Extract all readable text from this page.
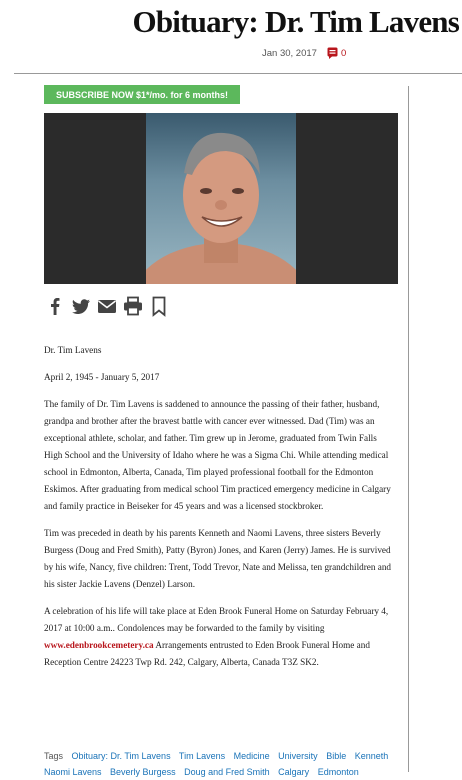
Obituary: Dr. Tim Lavens
Jan 30, 2017	0
SUBSCRIBE NOW $1*/mo. for 6 months!

Dr. Tim Lavens

April 2, 1945 - January 5, 2017

The family of Dr. Tim Lavens is saddened to announce the passing of their father, husband, grandpa and brother after the bravest battle with cancer ever witnessed. Dad (Tim) was an exceptional athlete, scholar, and father. Tim grew up in Jerome, graduated from Twin Falls High School and the University of Idaho where he was a Sigma Chi. While attending medical school in Edmonton, Alberta, Canada, Tim played professional football for the Edmonton Eskimos. After graduating from medical school Tim practiced emergency medicine in Calgary and family practice in Beiseker for 45 years and was a licensed stockbroker.

Tim was preceded in death by his parents Kenneth and Naomi Lavens, three sisters Beverly Burgess (Doug and Fred Smith), Patty (Byron) Jones, and Karen (Jerry) James. He is survived by his wife, Nancy, five children: Trent, Todd Trevor, Nate and Melissa, ten grandchildren and his sister Jackie Lavens (Denzel) Larson.

A celebration of his life will take place at Eden Brook Funeral Home on Saturday February 4, 2017 at 10:00 a.m.. Condolences may be forwarded to the family by visiting www.edenbrookcemetery.ca Arrangements entrusted to Eden Brook Funeral Home and Reception Centre 24223 Twp Rd. 242, Calgary, Alberta, Canada T3Z SK2.

Tags Obituary: Dr. Tim Lavens Tim Lavens Medicine University Bible Kenneth Naomi Lavens Beverly Burgess Doug and Fred Smith Calgary Edmonton
